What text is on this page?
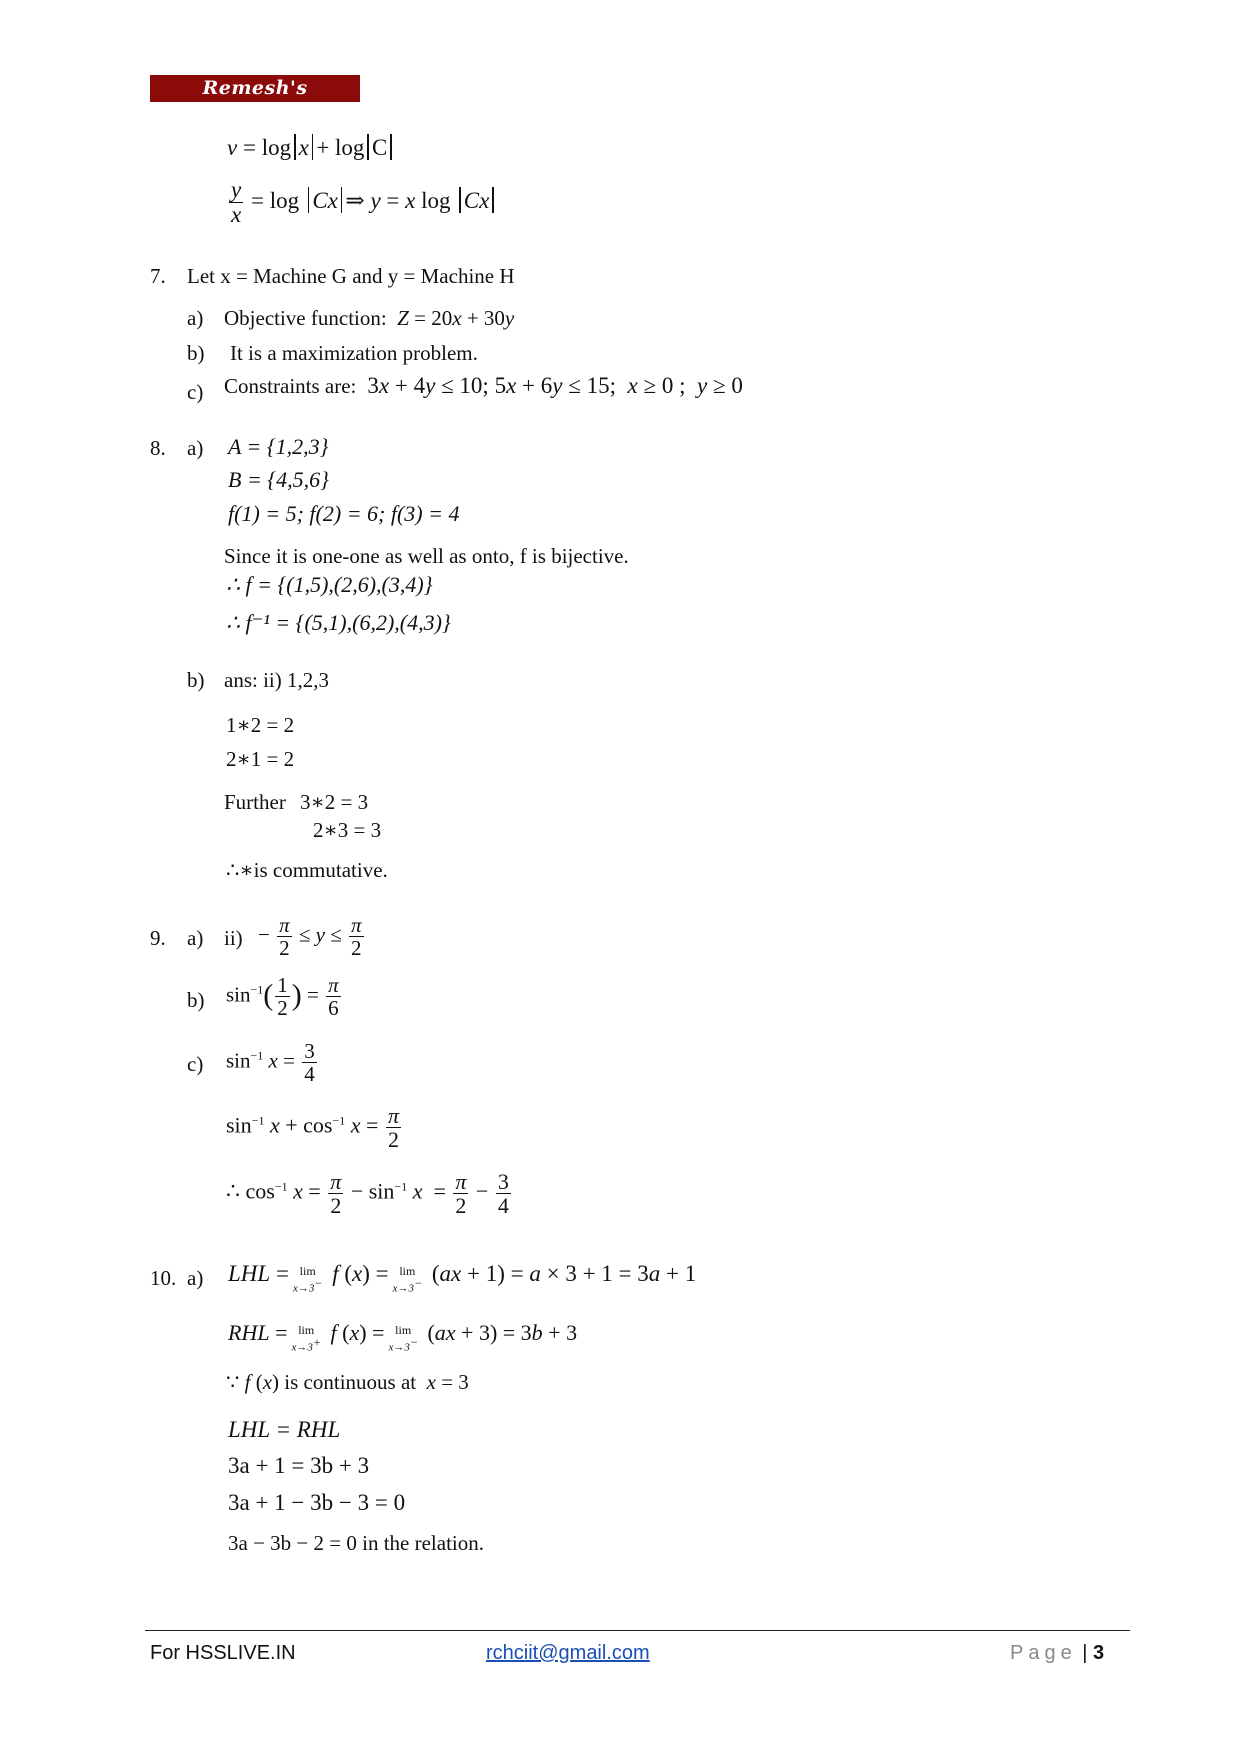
Remesh's Mathematics
v = log x + log C
$\frac{y}{x} = \log Cx$ ⇒ y = x log Cx
7. Let x = Machine G and y = Machine H
a) Objective function:  Z = 20x + 30y
b) It is a maximization problem.
c) Constraints are:  3x + 4y ≤ 10; 5x + 6y ≤ 15;  x ≥ 0 ;  y ≥ 0
8. a) A = {1,2,3}
B = {4,5,6}
f(1) = 5; f(2) = 6; f(3) = 4
Since it is one-one as well as onto, f is bijective.
∴ f = {(1,5),(2,6),(3,4)}
∴ f⁻¹ = {(5,1),(6,2),(4,3)}
b) ans: ii) 1,2,3
1∗2 = 2
2∗1 = 2
Further 3∗2 = 3
2∗3 = 3
∴∗is commutative.
9. a) $ii) - \frac{\pi}{2} \le y \le \frac{\pi}{2}$
b) $\sin^{-1}( \frac{1}{2}$ ) = $\frac{\pi}{6}$
c) $\sin^{-1} x = \frac{3}{4}$
$\sin^{-1} x + \cos^{-1} x = \frac{\pi}{2}$
∴ $\cos^{-1} x = \frac{\pi}{2} - \sin^{-1} x = \frac{\pi}{2} - \frac{3}{4}$
10. a) LHL = lim
x→3− f (x) = lim
x→3− (ax + 1) = a × 3 + 1 = 3a + 1
RHL = lim
x→3+ f (x) = lim
x→3− (ax + 3) = 3b + 3
∵ f (x) is continuous at x = 3
LHL = RHL
3a + 1 = 3b + 3
3a + 1 − 3b − 3 = 0
3a − 3b − 2 = 0 in the relation.
For HSSLIVE.IN	rchciit@gmail.com	Page | 3
